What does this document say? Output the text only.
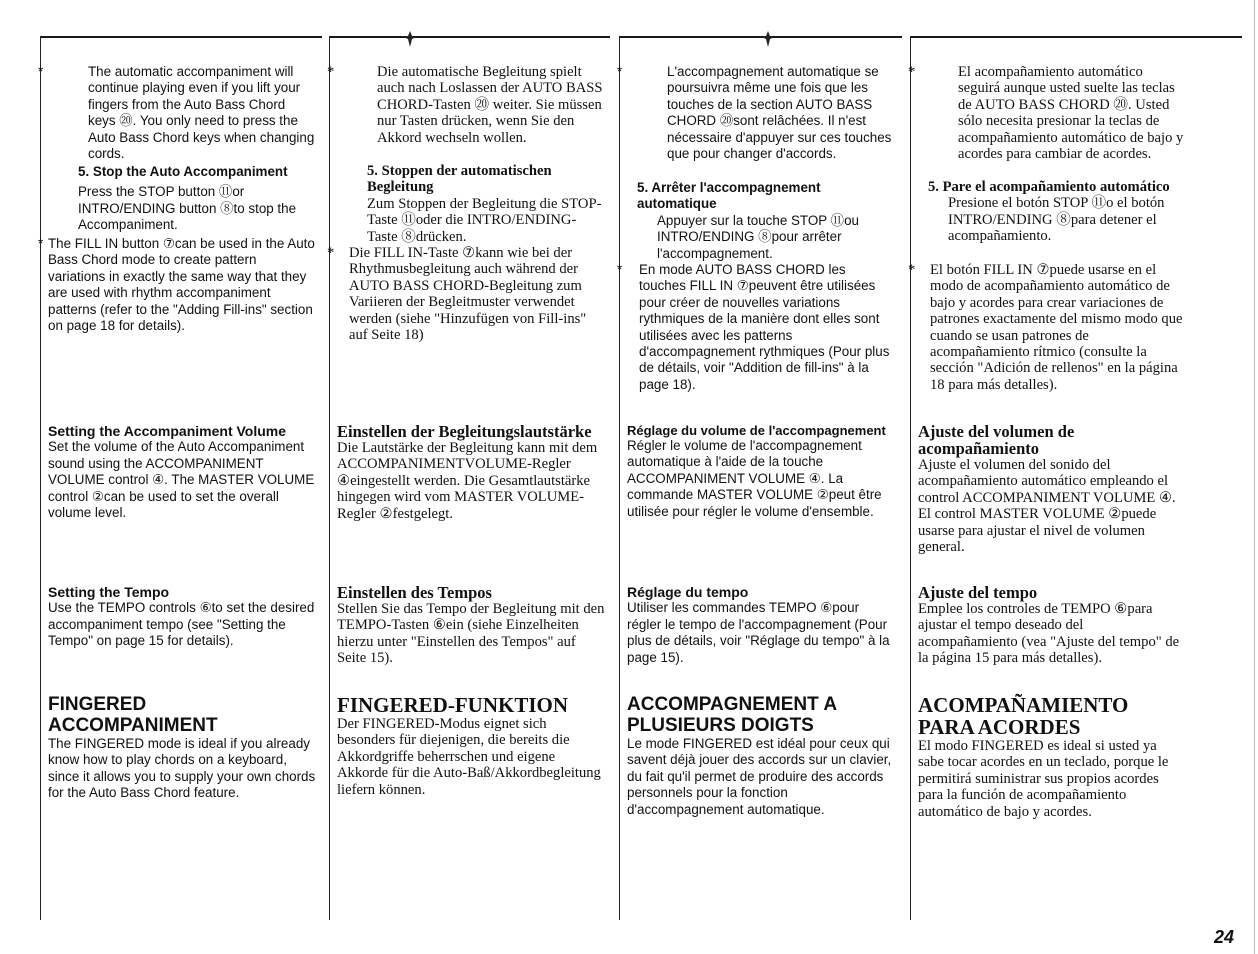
* The automatic accompaniment will continue playing even if you lift your fingers from the Auto Bass Chord keys ⑳. You only need to press the Auto Bass Chord keys when changing cords.

5. Stop the Auto Accompaniment

Press the STOP button ⑪or INTRO/ENDING button ⑧to stop the Accompaniment.

* The FILL IN button ⑦can be used in the Auto Bass Chord mode to create pattern variations in exactly the same way that they are used with rhythm accompaniment patterns (refer to the "Adding Fill-ins" section on page 18 for details).

Setting the Accompaniment Volume

Set the volume of the Auto Accompaniment sound using the ACCOMPANIMENT VOLUME control ④. The MASTER VOLUME control ②can be used to set the overall volume level.

Setting the Tempo

Use the TEMPO controls ⑥to set the desired accompaniment tempo (see "Setting the Tempo" on page 15 for details).

FINGERED ACCOMPANIMENT

The FINGERED mode is ideal if you already know how to play chords on a keyboard, since it allows you to supply your own chords for the Auto Bass Chord feature.

* Die automatische Begleitung spielt auch nach Loslassen der AUTO BASS CHORD-Tasten ⑳ weiter. Sie müssen nur Tasten drücken, wenn Sie den Akkord wechseln wollen.

5. Stoppen der automatischen Begleitung

Zum Stoppen der Begleitung die STOP-Taste ⑪oder die INTRO/ENDING-Taste ⑧drücken.

* Die FILL IN-Taste ⑦kann wie bei der Rhythmusbegleitung auch während der AUTO BASS CHORD-Begleitung zum Variieren der Begleitmuster verwendet werden (siehe "Hinzufügen von Fill-ins" auf Seite 18)

Einstellen der Begleitungslautstärke

Die Lautstärke der Begleitung kann mit dem ACCOMPANIMENTVOLUME-Regler ④eingestellt werden. Die Gesamtlautstärke hingegen wird vom MASTER VOLUME-Regler ②festgelegt.

Einstellen des Tempos

Stellen Sie das Tempo der Begleitung mit den TEMPO-Tasten ⑥ein (siehe Einzelheiten hierzu unter "Einstellen des Tempos" auf Seite 15).

FINGERED-FUNKTION

Der FINGERED-Modus eignet sich besonders für diejenigen, die bereits die Akkordgriffe beherrschen und eigene Akkorde für die Auto-Baß/Akkordbegleitung liefern können.

* L'accompagnement automatique se poursuivra même une fois que les touches de la section AUTO BASS CHORD ⑳sont relâchées. Il n'est nécessaire d'appuyer sur ces touches que pour changer d'accords.

5. Arrêter l'accompagnement automatique

Appuyer sur la touche STOP ⑪ou INTRO/ENDING ⑧pour arrêter l'accompagnement.

* En mode AUTO BASS CHORD les touches FILL IN ⑦peuvent être utilisées pour créer de nouvelles variations rythmiques de la manière dont elles sont utilisées avec les patterns d'accompagnement rythmiques (Pour plus de détails, voir "Addition de fill-ins" à la page 18).

Réglage du volume de l'accompagnement

Régler le volume de l'accompagnement automatique à l'aide de la touche ACCOMPANIMENT VOLUME ④. La commande MASTER VOLUME ②peut être utilisée pour régler le volume d'ensemble.

Réglage du tempo

Utiliser les commandes TEMPO ⑥pour régler le tempo de l'accompagnement (Pour plus de détails, voir "Réglage du tempo" à la page 15).

ACCOMPAGNEMENT A PLUSIEURS DOIGTS

Le mode FINGERED est idéal pour ceux qui savent déjà jouer des accords sur un clavier, du fait qu'il permet de produire des accords personnels pour la fonction d'accompagnement automatique.

* El acompañamiento automático seguirá aunque usted suelte las teclas de AUTO BASS CHORD ⑳. Usted sólo necesita presionar la teclas de acompañamiento automático de bajo y acordes para cambiar de acordes.

5. Pare el acompañamiento automático

Presione el botón STOP ⑪o el botón INTRO/ENDING ⑧para detener el acompañamiento.

* El botón FILL IN ⑦puede usarse en el modo de acompañamiento automático de bajo y acordes para crear variaciones de patrones exactamente del mismo modo que cuando se usan patrones de acompañamiento rítmico (consulte la sección "Adición de rellenos" en la página 18 para más detalles).

Ajuste del volumen de acompañamiento

Ajuste el volumen del sonido del acompañamiento automático empleando el control ACCOMPANIMENT VOLUME ④. El control MASTER VOLUME ②puede usarse para ajustar el nivel de volumen general.

Ajuste del tempo

Emplee los controles de TEMPO ⑥para ajustar el tempo deseado del acompañamiento (vea "Ajuste del tempo" de la página 15 para más detalles).

ACOMPAÑAMIENTO PARA ACORDES

El modo FINGERED es ideal si usted ya sabe tocar acordes en un teclado, porque le permitirá suministrar sus propios acordes para la función de acompañamiento automático de bajo y acordes.

24
